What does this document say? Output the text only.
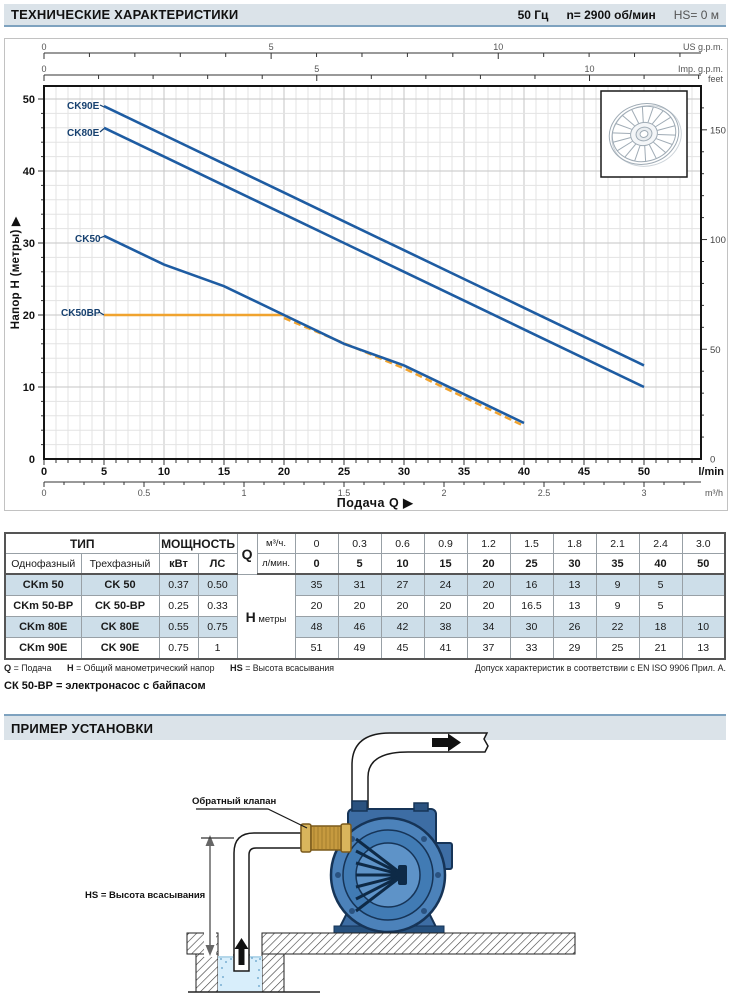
ТЕХНИЧЕСКИЕ ХАРАКТЕРИСТИКИ	50 Гц n= 2900 об/мин HS= 0 м
0	5	10	US g.p.m.
0	5	10	Imp. g.p.m.
0
10
20
30
40
50
0
50
100
150
feet
0	5	10	15	20	25	30	35	40	45	50	l/min
0	0.5	1	1.5	2	2.5	3	m³/h
Подача Q ▶
Напор H (метры) ▶
CK90E
CK80E
CK50
CK50BP
ТИП		МОЩНОСТЬ		Q	м³/ч.	0	0.3	0.6	0.9	1.2	1.5	1.8	2.1	2.4	3.0
Однофазный	Трехфазный	кВт	ЛС		л/мин.	0	5	10	15	20	25	30	35	40	50
CKm 50	CK 50	0.37	0.50	H метры		35	31	27	24	20	16	13	9	5	
CKm 50-BP	CK 50-BP	0.25	0.33			20	20	20	20	20	16.5	13	9	5	
CKm 80E	CK 80E	0.55	0.75			48	46	42	38	34	30	26	22	18	10
CKm 90E	CK 90E	0.75	1			51	49	45	41	37	33	29	25	21	13
Q = Подача H = Общий манометрический напор HS = Высота всасывания	Допуск характеристик в соответствии с EN ISO 9906 Прил. А.
СК 50-ВР = электронасос с байпасом
ПРИМЕР УСТАНОВКИ
Обратный клапан
HS = Высота всасывания
